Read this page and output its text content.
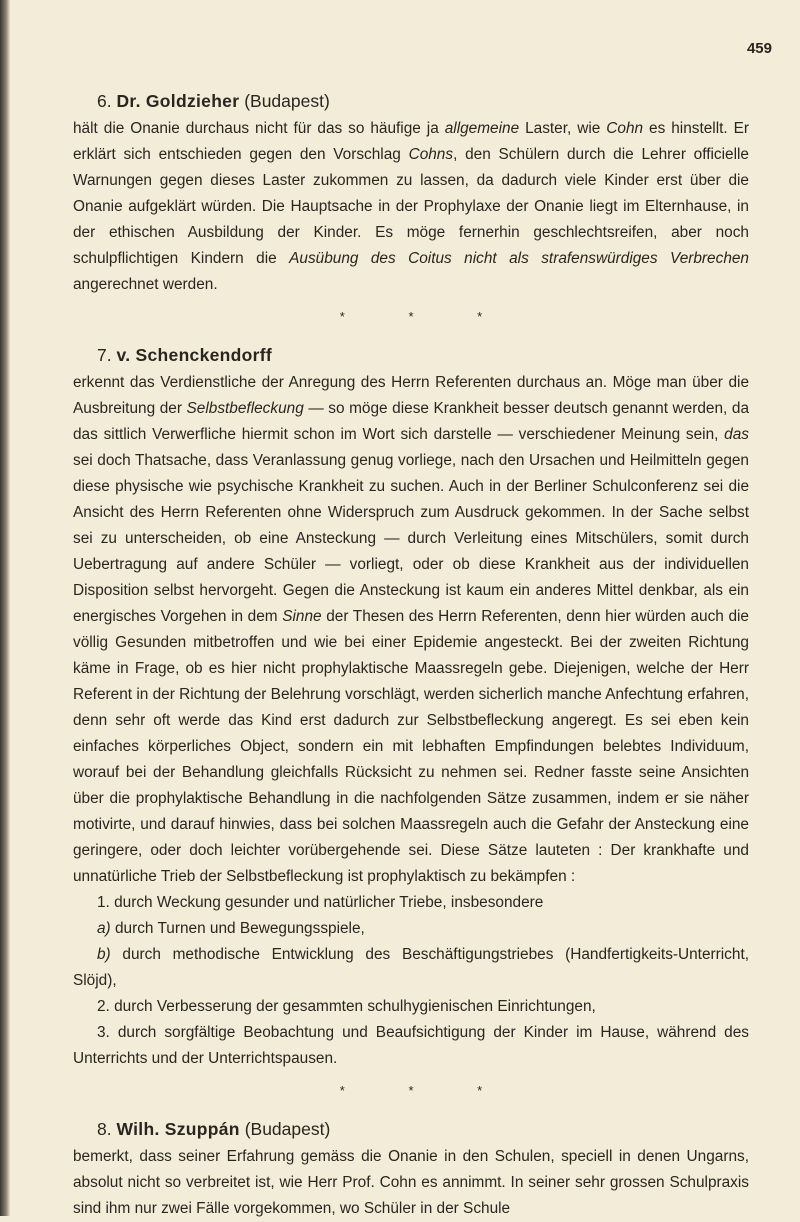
459
6. Dr. Goldzieher (Budapest)

hält die Onanie durchaus nicht für das so häufige ja allgemeine Laster, wie Cohn es hinstellt. Er erklärt sich entschieden gegen den Vorschlag Cohns, den Schülern durch die Lehrer officielle Warnungen gegen dieses Laster zukommen zu lassen, da dadurch viele Kinder erst über die Onanie aufgeklärt würden. Die Hauptsache in der Prophylaxe der Onanie liegt im Elternhause, in der ethischen Ausbildung der Kinder. Es möge fernerhin geschlechtsreifen, aber noch schulpflichtigen Kindern die Ausübung des Coitus nicht als strafenswürdiges Verbrechen angerechnet werden.

* * *
7. v. Schenckendorff

erkennt das Verdienstliche der Anregung des Herrn Referenten durchaus an. Möge man über die Ausbreitung der Selbstbefleckung — so möge diese Krankheit besser deutsch genannt werden, da das sittlich Verwerfliche hiermit schon im Wort sich darstelle — verschiedener Meinung sein, das sei doch Thatsache, dass Veranlassung genug vorliege, nach den Ursachen und Heilmitteln gegen diese physische wie psychische Krankheit zu suchen. Auch in der Berliner Schulconferenz sei die Ansicht des Herrn Referenten ohne Widerspruch zum Ausdruck gekommen. In der Sache selbst sei zu unterscheiden, ob eine Ansteckung — durch Verleitung eines Mitschülers, somit durch Uebertragung auf andere Schüler — vorliegt, oder ob diese Krankheit aus der individuellen Disposition selbst hervorgeht. Gegen die Ansteckung ist kaum ein anderes Mittel denkbar, als ein energisches Vorgehen in dem Sinne der Thesen des Herrn Referenten, denn hier würden auch die völlig Gesunden mitbetroffen und wie bei einer Epidemie angesteckt. Bei der zweiten Richtung käme in Frage, ob es hier nicht prophylaktische Maassregeln gebe. Diejenigen, welche der Herr Referent in der Richtung der Belehrung vorschlägt, werden sicherlich manche Anfechtung erfahren, denn sehr oft werde das Kind erst dadurch zur Selbstbefleckung angeregt. Es sei eben kein einfaches körperliches Object, sondern ein mit lebhaften Empfindungen belebtes Individuum, worauf bei der Behandlung gleichfalls Rücksicht zu nehmen sei. Redner fasste seine Ansichten über die prophylaktische Behandlung in die nachfolgenden Sätze zusammen, indem er sie näher motivirte, und darauf hinwies, dass bei solchen Maassregeln auch die Gefahr der Ansteckung eine geringere, oder doch leichter vorübergehende sei. Diese Sätze lauteten : Der krankhafte und unnatürliche Trieb der Selbstbefleckung ist prophylaktisch zu bekämpfen :

1. durch Weckung gesunder und natürlicher Triebe, insbesondere

a) durch Turnen und Bewegungsspiele,

b) durch methodische Entwicklung des Beschäftigungstriebes (Handfertigkeits-Unterricht, Slöjd),

2. durch Verbesserung der gesammten schulhygienischen Einrichtungen,

3. durch sorgfältige Beobachtung und Beaufsichtigung der Kinder im Hause, während des Unterrichts und der Unterrichtspausen.

* * *
8. Wilh. Szuppán (Budapest)

bemerkt, dass seiner Erfahrung gemäss die Onanie in den Schulen, speciell in denen Ungarns, absolut nicht so verbreitet ist, wie Herr Prof. Cohn es annimmt. In seiner sehr grossen Schulpraxis sind ihm nur zwei Fälle vorgekommen, wo Schüler in der Schule
